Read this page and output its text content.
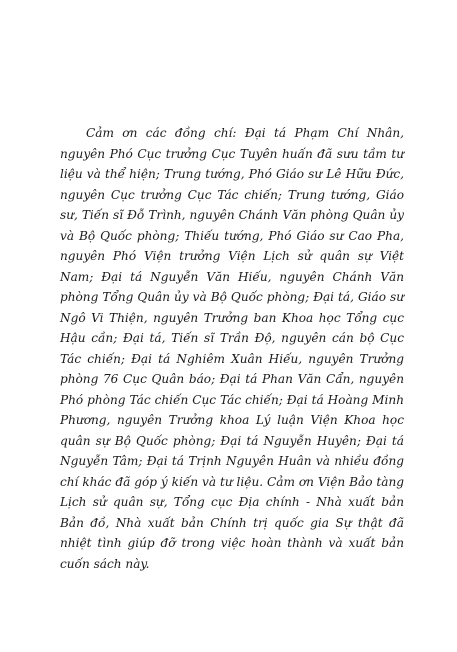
Cảm ơn các đồng chí: Đại tá Phạm Chí Nhân, nguyên Phó Cục trưởng Cục Tuyên huấn đã sưu tầm tư liệu và thể hiện; Trung tướng, Phó Giáo sư Lê Hữu Đức, nguyên Cục trưởng Cục Tác chiến; Trung tướng, Giáo sư, Tiến sĩ Đỗ Trình, nguyên Chánh Văn phòng Quân ủy và Bộ Quốc phòng; Thiếu tướng, Phó Giáo sư Cao Pha, nguyên Phó Viện trưởng Viện Lịch sử quân sự Việt Nam; Đại tá Nguyễn Văn Hiếu, nguyên Chánh Văn phòng Tổng Quân ủy và Bộ Quốc phòng; Đại tá, Giáo sư Ngô Vi Thiện, nguyên Trưởng ban Khoa học Tổng cục Hậu cần; Đại tá, Tiến sĩ Trần Độ, nguyên cán bộ Cục Tác chiến; Đại tá Nghiêm Xuân Hiếu, nguyên Trưởng phòng 76 Cục Quân báo; Đại tá Phan Văn Cẩn, nguyên Phó phòng Tác chiến Cục Tác chiến; Đại tá Hoàng Minh Phương, nguyên Trưởng khoa Lý luận Viện Khoa học quân sự Bộ Quốc phòng; Đại tá Nguyễn Huyên; Đại tá Nguyễn Tâm; Đại tá Trịnh Nguyên Huân và nhiều đồng chí khác đã góp ý kiến và tư liệu. Cảm ơn Viện Bảo tàng Lịch sử quân sự, Tổng cục Địa chính - Nhà xuất bản Bản đồ, Nhà xuất bản Chính trị quốc gia Sự thật đã nhiệt tình giúp đỡ trong việc hoàn thành và xuất bản cuốn sách này.
